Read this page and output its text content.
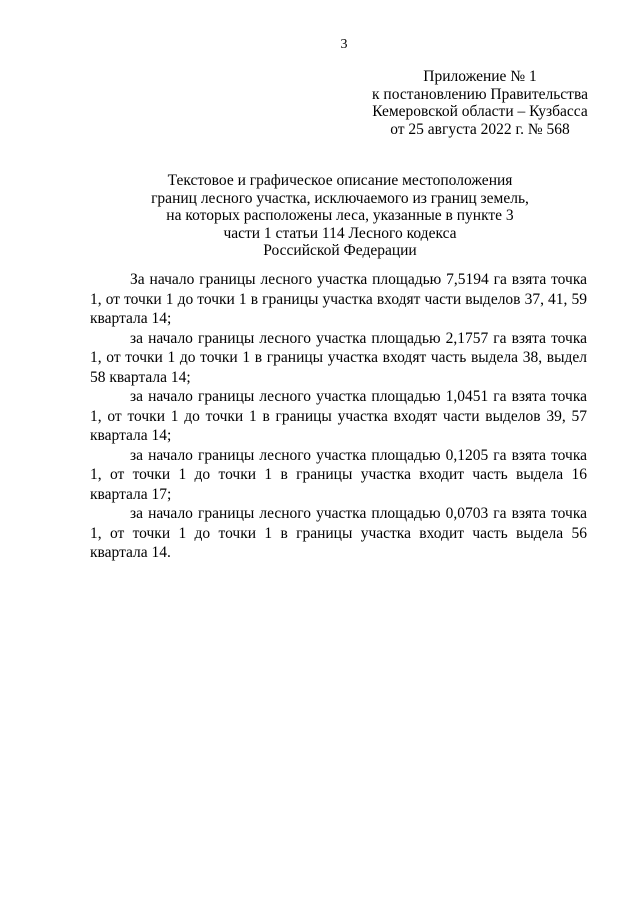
3
Приложение № 1
к постановлению Правительства
Кемеровской области – Кузбасса
от 25 августа 2022 г. № 568
Текстовое и графическое описание местоположения
границ лесного участка, исключаемого из границ земель,
на которых расположены леса, указанные в пункте 3
части 1 статьи 114 Лесного кодекса
Российской Федерации

За начало границы лесного участка площадью 7,5194 га взята точка 1, от точки 1 до точки 1 в границы участка входят части выделов 37, 41, 59 квартала 14;

за начало границы лесного участка площадью 2,1757 га взята точка 1, от точки 1 до точки 1 в границы участка входят часть выдела 38, выдел 58 квартала 14;

за начало границы лесного участка площадью 1,0451 га взята точка 1, от точки 1 до точки 1 в границы участка входят части выделов 39, 57 квартала 14;

за начало границы лесного участка площадью 0,1205 га взята точка 1, от точки 1 до точки 1 в границы участка входит часть выдела 16 квартала 17;

за начало границы лесного участка площадью 0,0703 га взята точка 1, от точки 1 до точки 1 в границы участка входит часть выдела 56 квартала 14.
